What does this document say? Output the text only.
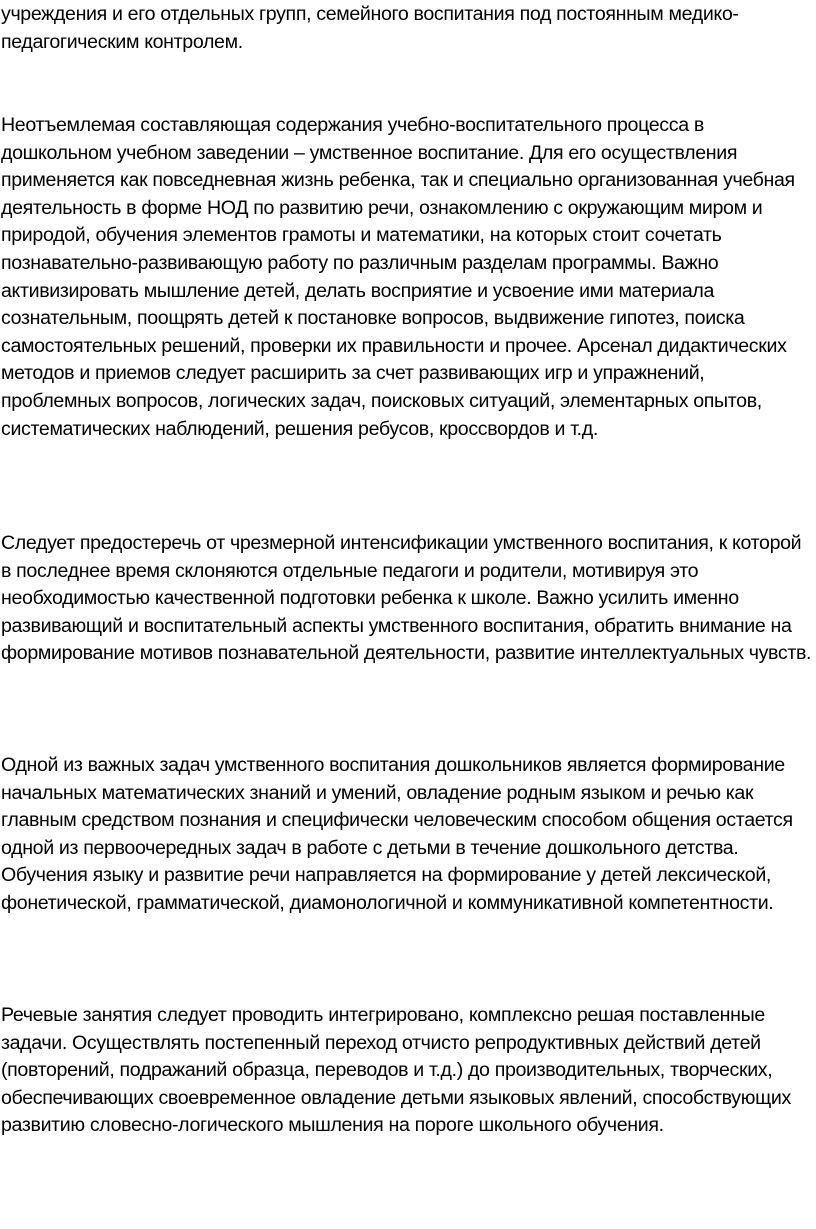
учреждения и его отдельных групп, семейного воспитания под постоянным медико-педагогическим контролем.

Неотъемлемая составляющая содержания учебно-воспитательного процесса в дошкольном учебном заведении – умственное воспитание. Для его осуществления применяется как повседневная жизнь ребенка, так и специально организованная учебная деятельность в форме НОД по развитию речи, ознакомлению с окружающим миром и природой, обучения элементов грамоты и математики, на которых стоит сочетать познавательно-развивающую работу по различным разделам программы. Важно активизировать мышление детей, делать восприятие и усвоение ими материала сознательным, поощрять детей к постановке вопросов, выдвижение гипотез, поиска самостоятельных решений, проверки их правильности и прочее. Арсенал дидактических методов и приемов следует расширить за счет развивающих игр и упражнений, проблемных вопросов, логических задач, поисковых ситуаций, элементарных опытов, систематических наблюдений, решения ребусов, кроссвордов и т.д.

Следует предостеречь от чрезмерной интенсификации умственного воспитания, к которой в последнее время склоняются отдельные педагоги и родители, мотивируя это необходимостью качественной подготовки ребенка к школе. Важно усилить именно развивающий и воспитательный аспекты умственного воспитания, обратить внимание на формирование мотивов познавательной деятельности, развитие интеллектуальных чувств.

Одной из важных задач умственного воспитания дошкольников является формирование начальных математических знаний и умений, овладение родным языком и речью как главным средством познания и специфически человеческим способом общения остается одной из первоочередных задач в работе с детьми в течение дошкольного детства. Обучения языку и развитие речи направляется на формирование у детей лексической, фонетической, грамматической, диамонологичной и коммуникативной компетентности.

Речевые занятия следует проводить интегрировано, комплексно решая поставленные задачи. Осуществлять постепенный переход отчисто репродуктивных действий детей (повторений, подражаний образца, переводов и т.д.) до производительных, творческих, обеспечивающих своевременное овладение детьми языковых явлений, способствующих развитию словесно-логического мышления на пороге школьного обучения.
